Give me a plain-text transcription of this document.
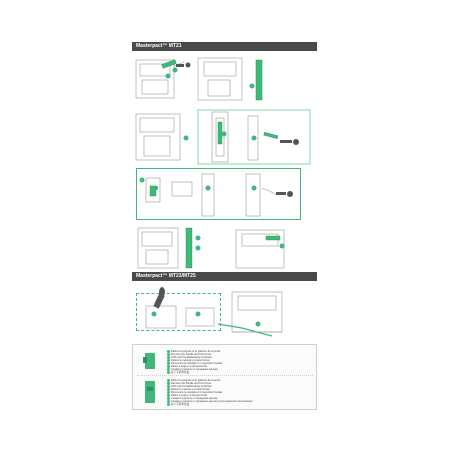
Masterpact™ MT21
Masterpact™ MT23/MT25
Retirer la poignée et le plastron de la porte
Remove the handle and front cover
Griff und Frontabdeckung entfernen
Retirar la maneta y la tapa frontal
Rimuovere la maniglia e il coperchio frontale
Retire a pega e a tampa frontal
Снимите рукоятку и переднюю крышку
拆下手柄和前盖
Retirer la poignée et le plastron de la porte
Remove the handle and front cover
Griff und Frontabdeckung entfernen
Retirar la maneta y la tapa frontal
Rimuovere la maniglia e il coperchio frontale
Retire a pega e a tampa frontal
Снимите рукоятку и переднюю крышку
Снимите рукоятку и переднюю крышку (для выкатного исполнения)
拆下手柄和前盖
